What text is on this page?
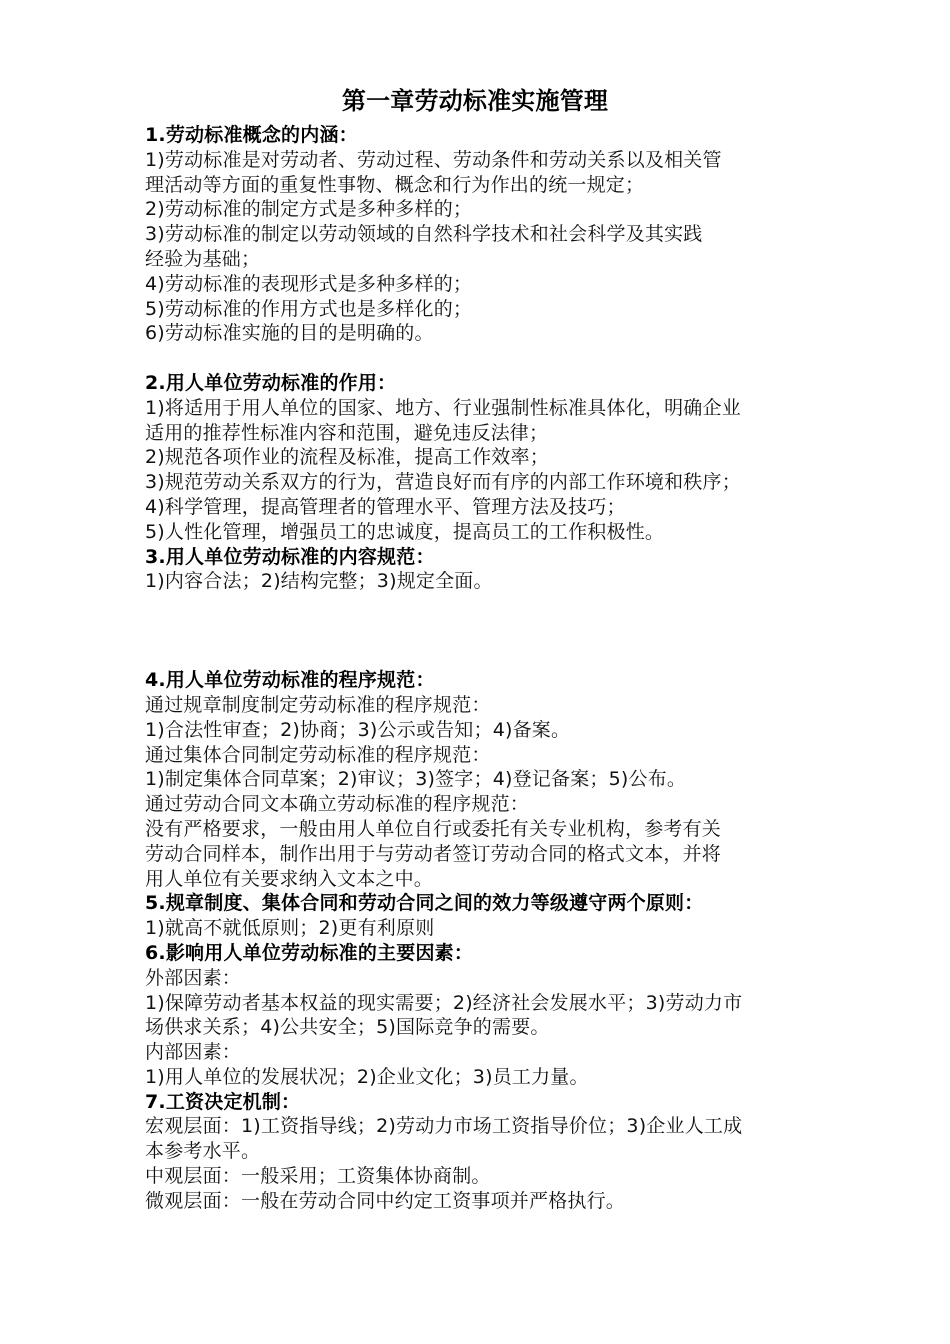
第一章劳动标准实施管理
1.劳动标准概念的内涵：
1)劳动标准是对劳动者、劳动过程、劳动条件和劳动关系以及相关管
理活动等方面的重复性事物、概念和行为作出的统一规定；
2)劳动标准的制定方式是多种多样的；
3)劳动标准的制定以劳动领域的自然科学技术和社会科学及其实践
经验为基础；
4)劳动标准的表现形式是多种多样的；
5)劳动标准的作用方式也是多样化的；
6)劳动标准实施的目的是明确的。
2.用人单位劳动标准的作用：
1)将适用于用人单位的国家、地方、行业强制性标准具体化，明确企业
适用的推荐性标准内容和范围，避免违反法律；
2)规范各项作业的流程及标准，提高工作效率；
3)规范劳动关系双方的行为，营造良好而有序的内部工作环境和秩序；
4)科学管理，提高管理者的管理水平、管理方法及技巧；
5)人性化管理，增强员工的忠诚度，提高员工的工作积极性。
3.用人单位劳动标准的内容规范：
1)内容合法；2)结构完整；3)规定全面。
4.用人单位劳动标准的程序规范：
通过规章制度制定劳动标准的程序规范：
1)合法性审查；2)协商；3)公示或告知；4)备案。
通过集体合同制定劳动标准的程序规范：
1)制定集体合同草案；2)审议；3)签字；4)登记备案；5)公布。
通过劳动合同文本确立劳动标准的程序规范：
没有严格要求，一般由用人单位自行或委托有关专业机构，参考有关
劳动合同样本，制作出用于与劳动者签订劳动合同的格式文本，并将
用人单位有关要求纳入文本之中。
5.规章制度、集体合同和劳动合同之间的效力等级遵守两个原则：
1)就高不就低原则；2)更有利原则
6.影响用人单位劳动标准的主要因素：
外部因素：
1)保障劳动者基本权益的现实需要；2)经济社会发展水平；3)劳动力市
场供求关系；4)公共安全；5)国际竞争的需要。
内部因素：
1)用人单位的发展状况；2)企业文化；3)员工力量。
7.工资决定机制：
宏观层面：1)工资指导线；2)劳动力市场工资指导价位；3)企业人工成
本参考水平。
中观层面：一般采用；工资集体协商制。
微观层面：一般在劳动合同中约定工资事项并严格执行。
